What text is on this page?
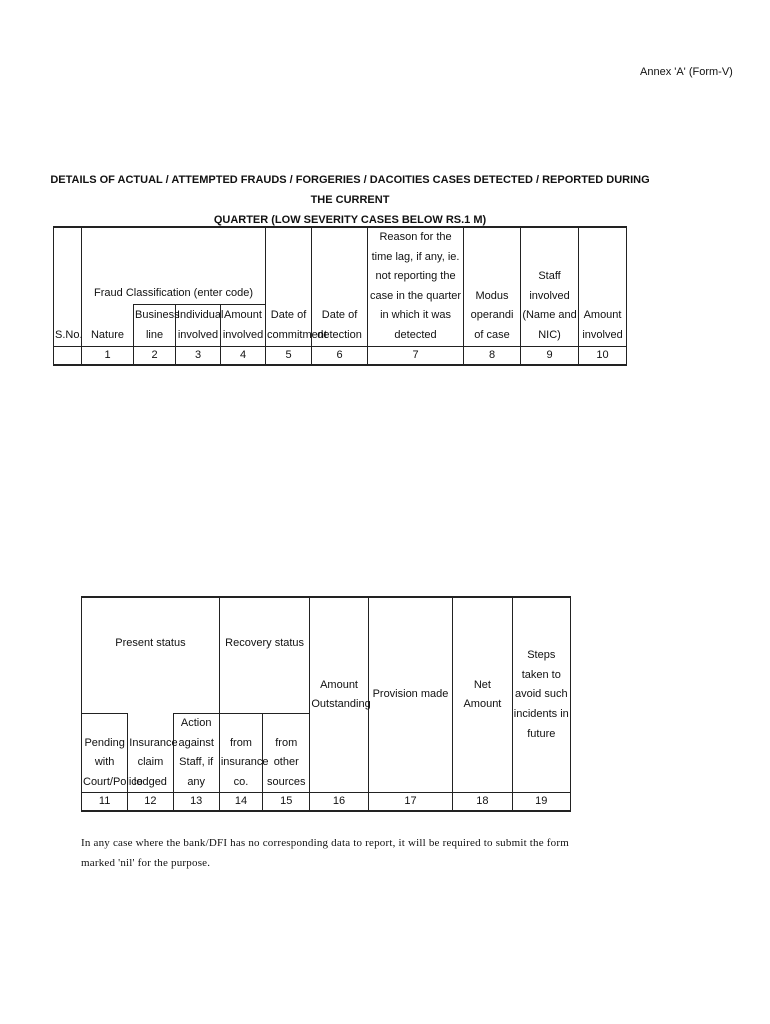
Annex 'A' (Form-V)
DETAILS OF ACTUAL / ATTEMPTED FRAUDS / FORGERIES / DACOITIES CASES DETECTED / REPORTED DURING THE CURRENT
QUARTER (LOW SEVERITY CASES BELOW RS.1 M)
S.No.	Fraud Classification (enter code)				Date of commitment	Date of detection	Reason for the time lag, if any, ie. not reporting the case in the quarter in which it was detected	Modus operandi of case	Staff involved (Name and NIC)	Amount involved
	Nature	Business line	Individual involved	Amount involved						
	1	2	3	4	5	6	7	8	9	10
Present status			Recovery status		Amount Outstanding	Provision made	Net Amount	Steps taken to avoid such incidents in future
Pending with Court/Police	Insurance claim lodged	Action against Staff, if any	from insurance co.	from other sources				
11	12	13	14	15	16	17	18	19
In any case where the bank/DFI has no corresponding data to report, it will be required to submit the form marked 'nil' for the purpose.
